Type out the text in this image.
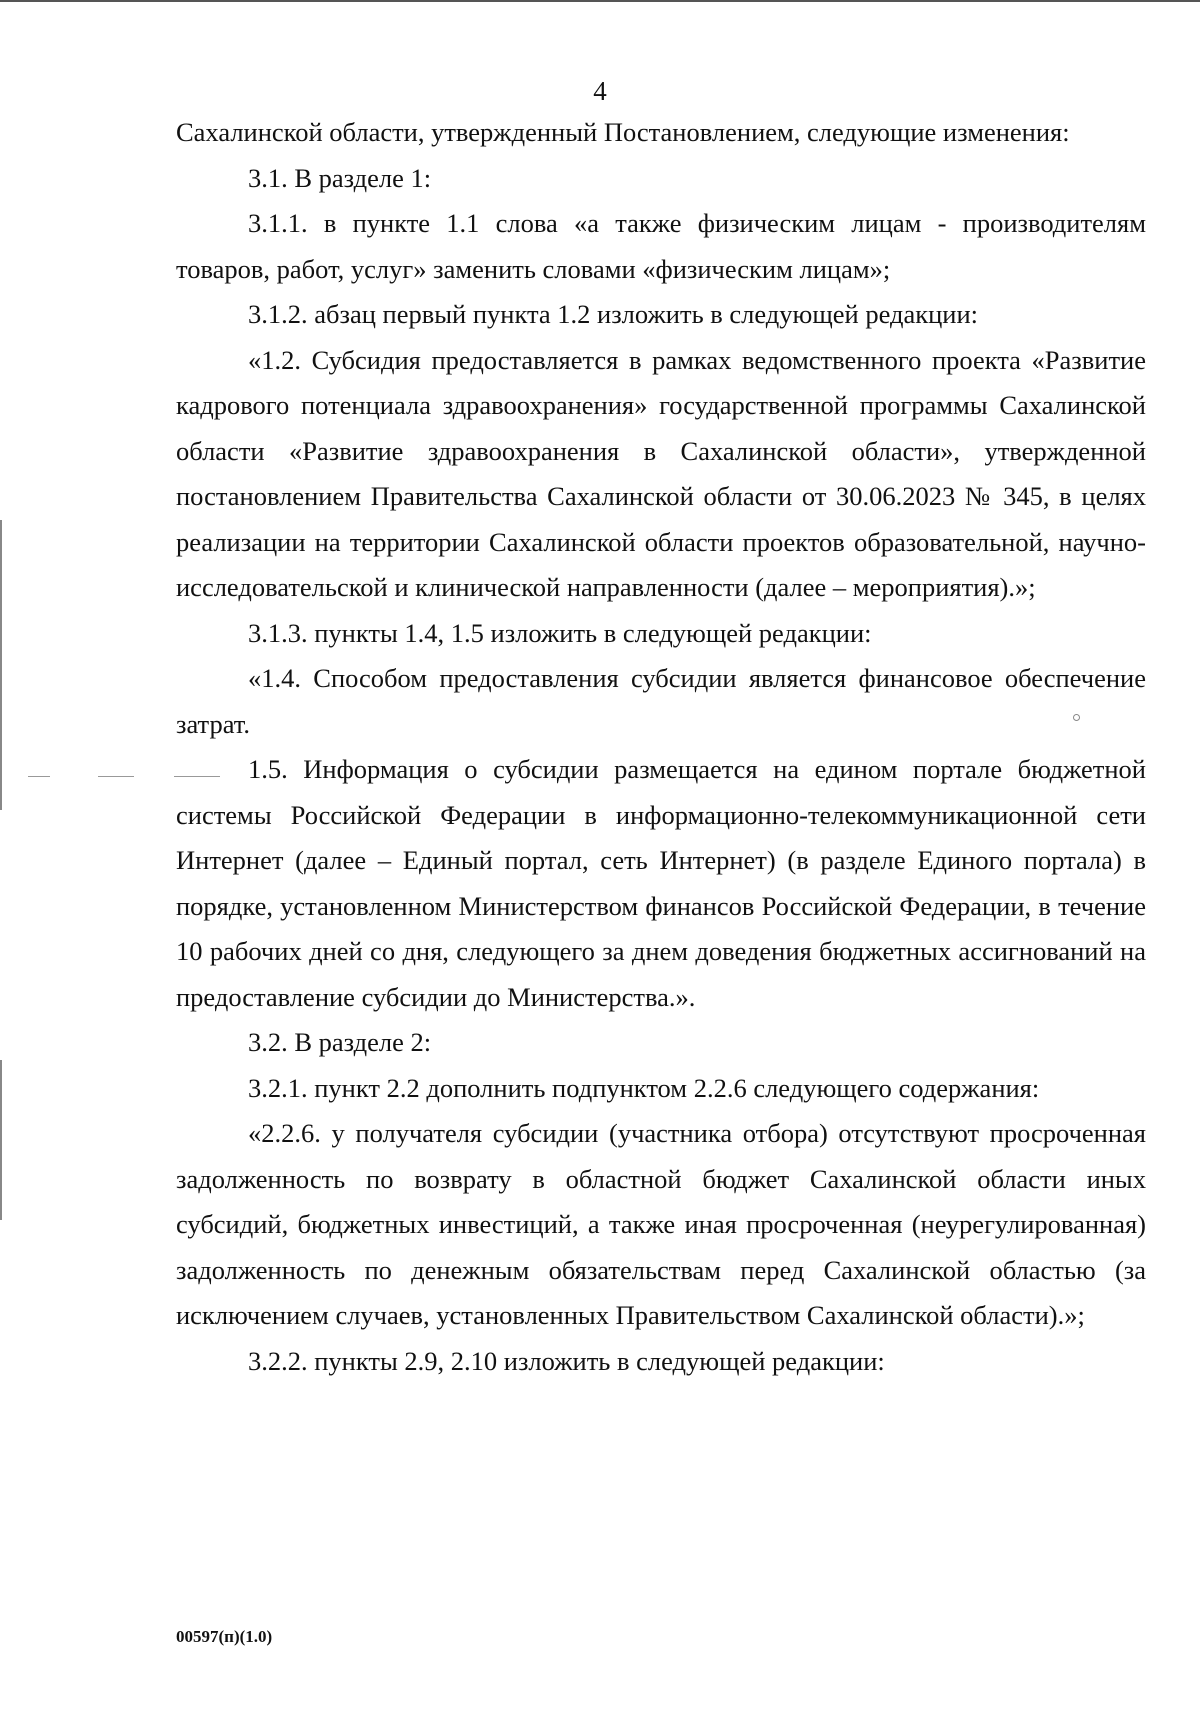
4

Сахалинской области, утвержденный Постановлением, следующие изменения:

3.1. В разделе 1:

3.1.1. в пункте 1.1 слова «а также физическим лицам - производителям товаров, работ, услуг» заменить словами «физическим лицам»;

3.1.2. абзац первый пункта 1.2 изложить в следующей редакции:

«1.2. Субсидия предоставляется в рамках ведомственного проекта «Развитие кадрового потенциала здравоохранения» государственной программы Сахалинской области «Развитие здравоохранения в Сахалинской области», утвержденной постановлением Правительства Сахалинской области от 30.06.2023 № 345, в целях реализации на территории Сахалинской области проектов образовательной, научно-исследовательской и клинической направленности (далее – мероприятия).»;

3.1.3. пункты 1.4, 1.5 изложить в следующей редакции:

«1.4. Способом предоставления субсидии является финансовое обеспечение затрат.

1.5. Информация о субсидии размещается на едином портале бюджетной системы Российской Федерации в информационно-телекоммуникационной сети Интернет (далее – Единый портал, сеть Интернет) (в разделе Единого портала) в порядке, установленном Министерством финансов Российской Федерации, в течение 10 рабочих дней со дня, следующего за днем доведения бюджетных ассигнований на предоставление субсидии до Министерства.».

3.2. В разделе 2:

3.2.1. пункт 2.2 дополнить подпунктом 2.2.6 следующего содержания:

«2.2.6. у получателя субсидии (участника отбора) отсутствуют просроченная задолженность по возврату в областной бюджет Сахалинской области иных субсидий, бюджетных инвестиций, а также иная просроченная (неурегулированная) задолженность по денежным обязательствам перед Сахалинской областью (за исключением случаев, установленных Правительством Сахалинской области).»;

3.2.2. пункты 2.9, 2.10 изложить в следующей редакции:

00597(п)(1.0)
